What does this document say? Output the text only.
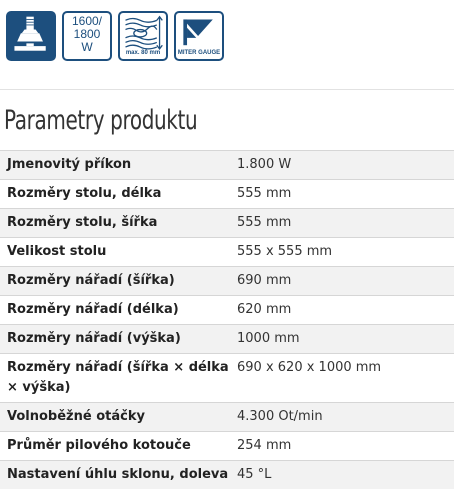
1600/
1800
W	max. 80 mm	MITER GAUGE
Parametry produktu
Jmenovitý příkon	1.800 W
Rozměry stolu, délka	555 mm
Rozměry stolu, šířka	555 mm
Velikost stolu	555 x 555 mm
Rozměry nářadí (šířka)	690 mm
Rozměry nářadí (délka)	620 mm
Rozměry nářadí (výška)	1000 mm
Rozměry nářadí (šířka × délka × výška)	690 x 620 x 1000 mm
Volnoběžné otáčky	4.300 Ot/min
Průměr pilového kotouče	254 mm
Nastavení úhlu sklonu, doleva	45 °L
